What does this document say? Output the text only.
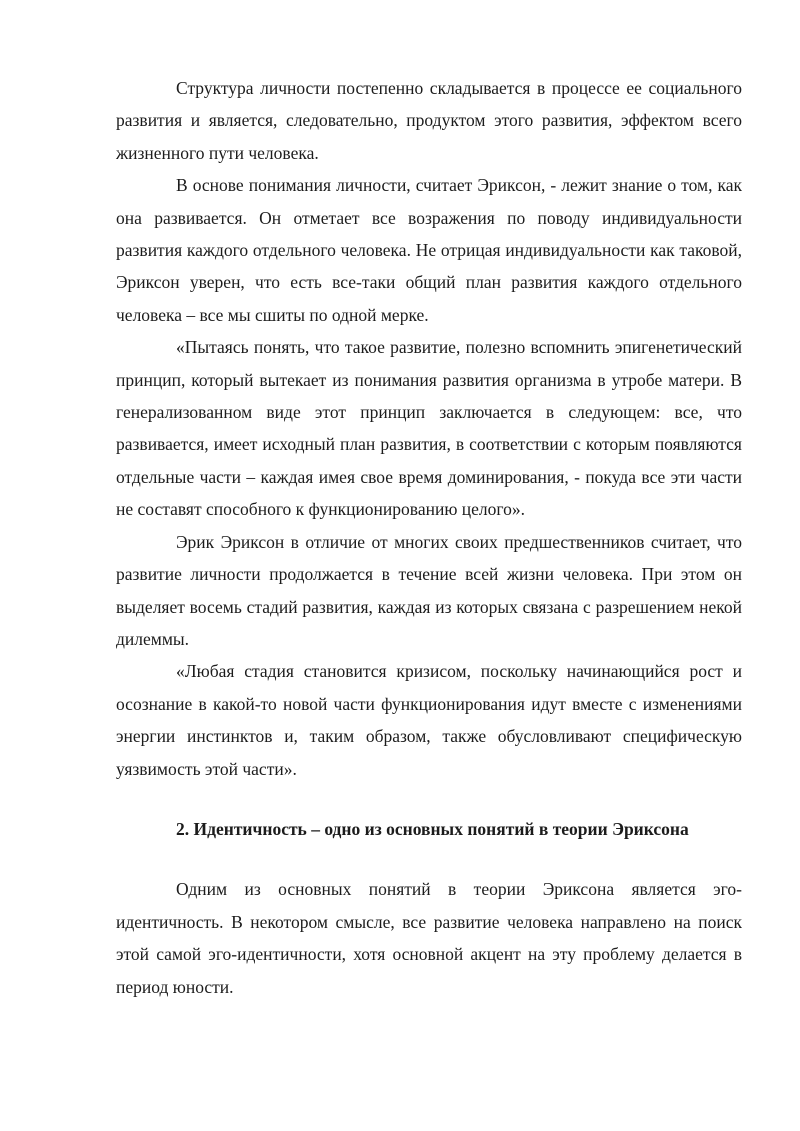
Структура личности постепенно складывается в процессе ее социального развития и является, следовательно, продуктом этого развития, эффектом всего жизненного пути человека.

В основе понимания личности, считает Эриксон, - лежит знание о том, как она развивается. Он отметает все возражения по поводу индивидуальности развития каждого отдельного человека. Не отрицая индивидуальности как таковой, Эриксон уверен, что есть все-таки общий план развития каждого отдельного человека – все мы сшиты по одной мерке.

«Пытаясь понять, что такое развитие, полезно вспомнить эпигенетический принцип, который вытекает из понимания развития организма в утробе матери. В генерализованном виде этот принцип заключается в следующем: все, что развивается, имеет исходный план развития, в соответствии с которым появляются отдельные части – каждая имея свое время доминирования, - покуда все эти части не составят способного к функционированию целого».

Эрик Эриксон в отличие от многих своих предшественников считает, что развитие личности продолжается в течение всей жизни человека. При этом он выделяет восемь стадий развития, каждая из которых связана с разрешением некой дилеммы.

«Любая стадия становится кризисом, поскольку начинающийся рост и осознание в какой-то новой части функционирования идут вместе с изменениями энергии инстинктов и, таким образом, также обусловливают специфическую уязвимость этой части».

2. Идентичность – одно из основных понятий в теории Эриксона

Одним из основных понятий в теории Эриксона является эго-идентичность. В некотором смысле, все развитие человека направлено на поиск этой самой эго-идентичности, хотя основной акцент на эту проблему делается в период юности.
